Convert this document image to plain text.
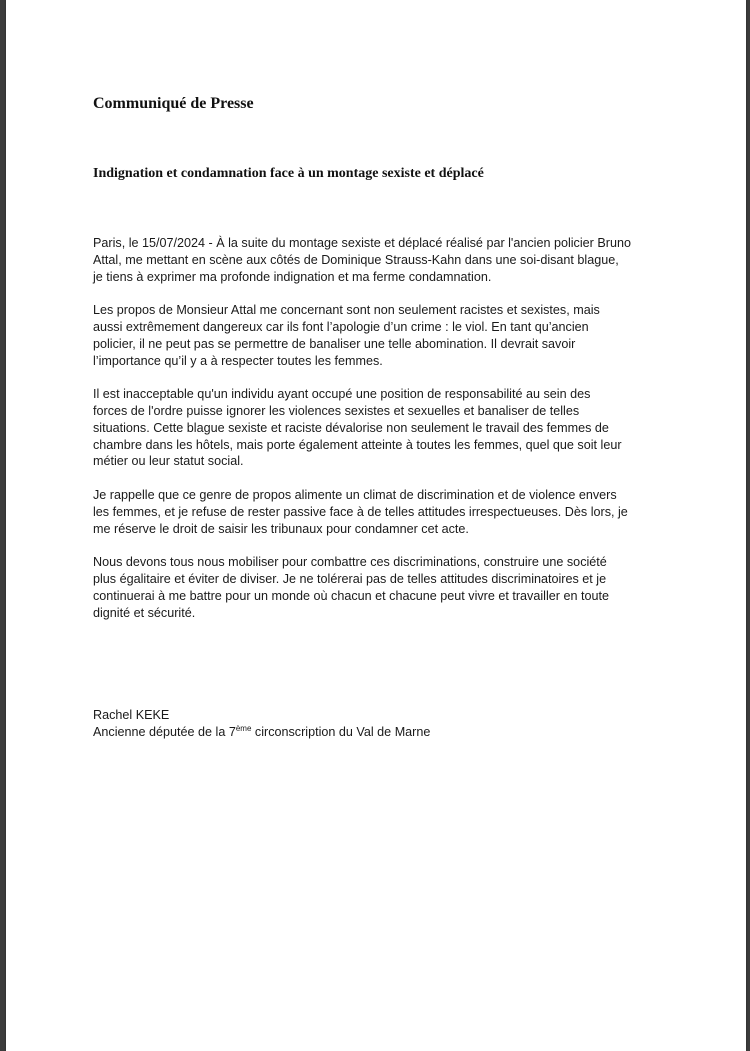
Communiqué de Presse
Indignation et condamnation face à un montage sexiste et déplacé

Paris, le 15/07/2024 - À la suite du montage sexiste et déplacé réalisé par l'ancien policier Bruno
Attal, me mettant en scène aux côtés de Dominique Strauss-Kahn dans une soi-disant blague,
je tiens à exprimer ma profonde indignation et ma ferme condamnation.

Les propos de Monsieur Attal me concernant sont non seulement racistes et sexistes, mais
aussi extrêmement dangereux car ils font l’apologie d’un crime : le viol. En tant qu’ancien
policier, il ne peut pas se permettre de banaliser une telle abomination. Il devrait savoir
l’importance qu’il y a à respecter toutes les femmes.

Il est inacceptable qu'un individu ayant occupé une position de responsabilité au sein des
forces de l'ordre puisse ignorer les violences sexistes et sexuelles et banaliser de telles
situations. Cette blague sexiste et raciste dévalorise non seulement le travail des femmes de
chambre dans les hôtels, mais porte également atteinte à toutes les femmes, quel que soit leur
métier ou leur statut social.

Je rappelle que ce genre de propos alimente un climat de discrimination et de violence envers
les femmes, et je refuse de rester passive face à de telles attitudes irrespectueuses. Dès lors, je
me réserve le droit de saisir les tribunaux pour condamner cet acte.

Nous devons tous nous mobiliser pour combattre ces discriminations, construire une société
plus égalitaire et éviter de diviser. Je ne tolérerai pas de telles attitudes discriminatoires et je
continuerai à me battre pour un monde où chacun et chacune peut vivre et travailler en toute
dignité et sécurité.

Rachel KEKE
Ancienne députée de la 7ème circonscription du Val de Marne
